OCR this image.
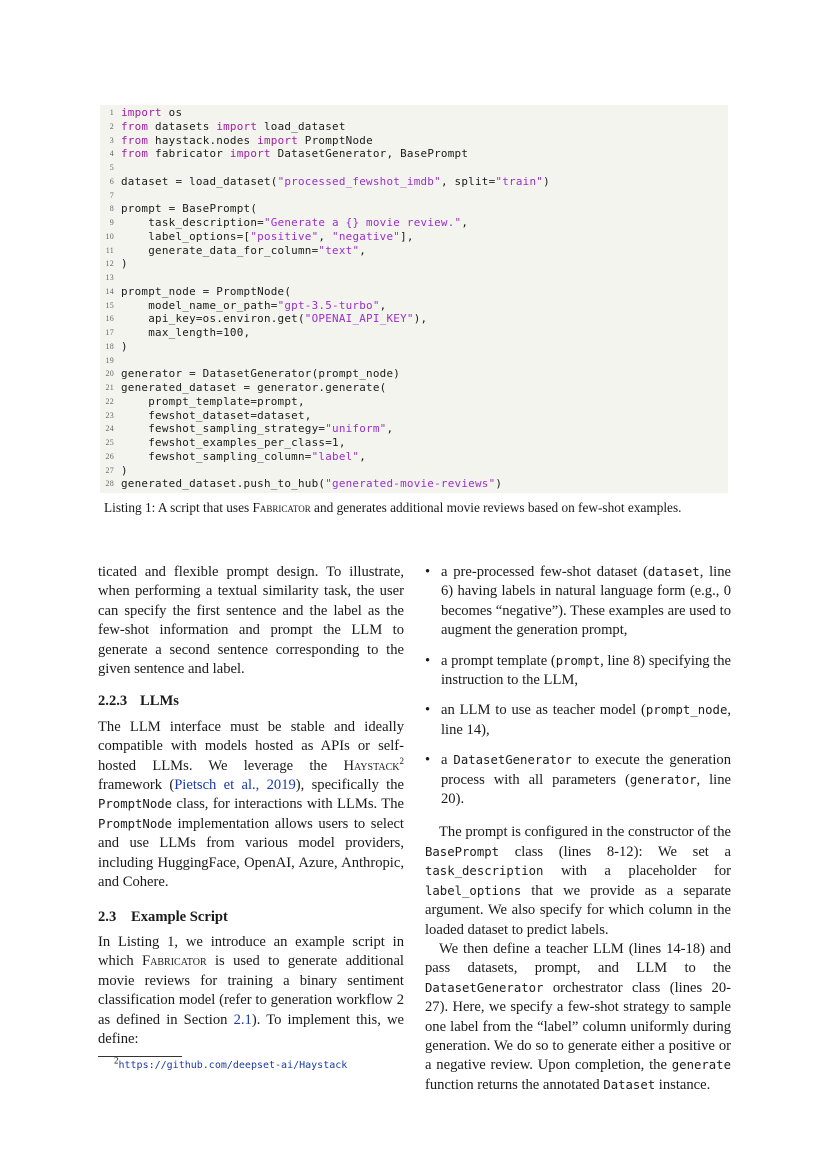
1 import os
2 from datasets import load_dataset
3 from haystack.nodes import PromptNode
4 from fabricator import DatasetGenerator, BasePrompt
5
6 dataset = load_dataset("processed_fewshot_imdb", split="train")
7
8 prompt = BasePrompt(
9 task_description="Generate a {} movie review.",
10 label_options=["positive", "negative"],
11 generate_data_for_column="text",
12 )
13
14 prompt_node = PromptNode(
15 model_name_or_path="gpt-3.5-turbo",
16 api_key=os.environ.get("OPENAI_API_KEY"),
17 max_length=100,
18 )
19
20 generator = DatasetGenerator(prompt_node)
21 generated_dataset = generator.generate(
22 prompt_template=prompt,
23 fewshot_dataset=dataset,
24 fewshot_sampling_strategy="uniform",
25 fewshot_examples_per_class=1,
26 fewshot_sampling_column="label",
27 )
28 generated_dataset.push_to_hub("generated-movie-reviews")
Listing 1: A script that uses Fabricator and generates additional movie reviews based on few-shot examples.

ticated and flexible prompt design. To illustrate, when performing a textual similarity task, the user can specify the first sentence and the label as the few-shot information and prompt the LLM to generate a second sentence corresponding to the given sentence and label.

2.2.3 LLMs

The LLM interface must be stable and ideally compatible with models hosted as APIs or self-hosted LLMs. We leverage the Haystack$^2$ framework (Pietsch et al., 2019), specifically the PromptNode class, for interactions with LLMs. The PromptNode implementation allows users to select and use LLMs from various model providers, including HuggingFace, OpenAI, Azure, Anthropic, and Cohere.

2.3 Example Script

In Listing 1, we introduce an example script in which Fabricator is used to generate additional movie reviews for training a binary sentiment classification model (refer to generation workflow 2 as defined in Section 2.1). To implement this, we define:

$^2$https://github.com/deepset-ai/Haystack
• a pre-processed few-shot dataset (dataset, line 6) having labels in natural language form (e.g., 0 becomes “negative”). These examples are used to augment the generation prompt,
• a prompt template (prompt, line 8) specifying the instruction to the LLM,
• an LLM to use as teacher model (prompt_node, line 14),
• a DatasetGenerator to execute the generation process with all parameters (generator, line 20).

The prompt is configured in the constructor of the BasePrompt class (lines 8-12): We set a task_description with a placeholder for label_options that we provide as a separate argument. We also specify for which column in the loaded dataset to predict labels.

We then define a teacher LLM (lines 14-18) and pass datasets, prompt, and LLM to the DatasetGenerator orchestrator class (lines 20-27). Here, we specify a few-shot strategy to sample one label from the “label” column uniformly during generation. We do so to generate either a positive or a negative review. Upon completion, the generate function returns the annotated Dataset instance.
